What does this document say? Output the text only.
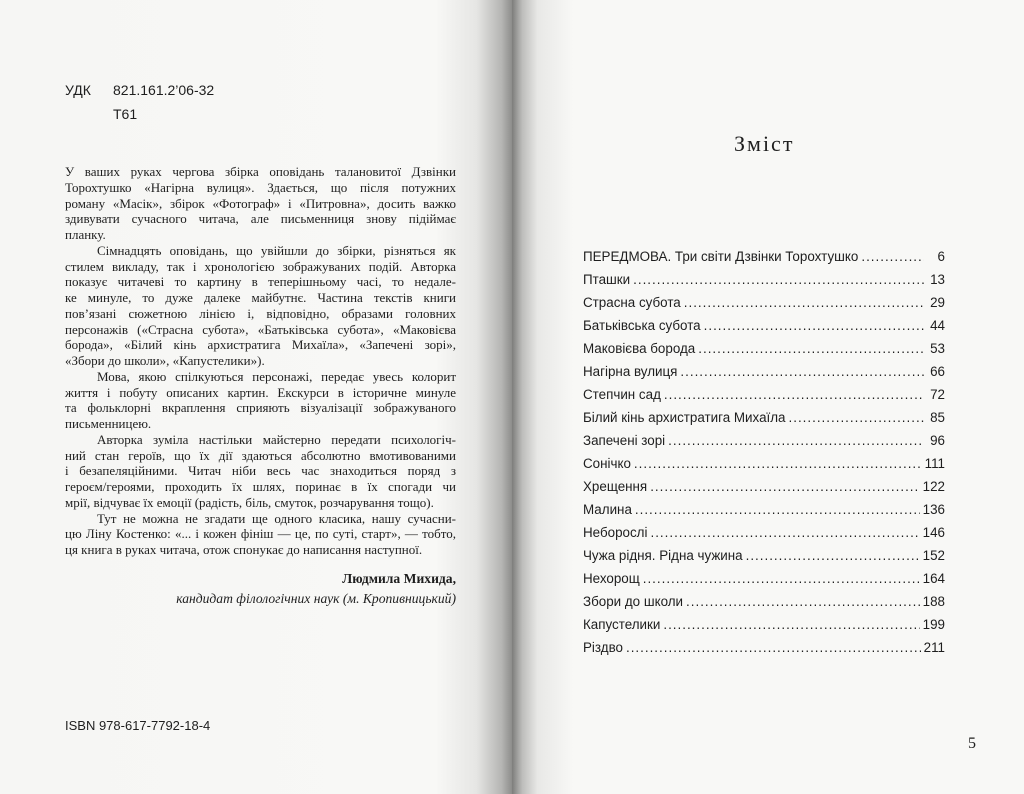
УДК 821.161.2’06-32
Т61
У ваших руках чергова збірка оповідань талановитої Дзвінки
Торохтушко «Нагірна вулиця». Здається, що після потужних
роману «Масік», збірок «Фотограф» і «Питровна», досить важко
здивувати сучасного читача, але письменниця знову підіймає
планку.
Сімнадцять оповідань, що увійшли до збірки, різняться як
стилем викладу, так і хронологією зображуваних подій. Авторка
показує читачеві то картину в теперішньому часі, то недале-
ке минуле, то дуже далеке майбутнє. Частина текстів книги
пов’язані сюжетною лінією і, відповідно, образами головних
персонажів («Страсна субота», «Батьківська субота», «Маковієва
борода», «Білий кінь архистратига Михаїла», «Запечені зорі»,
«Збори до школи», «Капустелики»).
Мова, якою спілкуються персонажі, передає увесь колорит
життя і побуту описаних картин. Екскурси в історичне минуле
та фольклорні вкраплення сприяють візуалізації зображуваного
письменницею.
Авторка зуміла настільки майстерно передати психологіч-
ний стан героїв, що їх дії здаються абсолютно вмотивованими
і безапеляційними. Читач ніби весь час знаходиться поряд з
героєм/героями, проходить їх шлях, поринає в їх спогади чи
мрії, відчуває їх емоції (радість, біль, смуток, розчарування тощо).
Тут не можна не згадати ще одного класика, нашу сучасни-
цю Ліну Костенко: «... і кожен фініш — це, по суті, старт», — тобто,
ця книга в руках читача, отож спонукає до написання наступної.
Людмила Михида,
кандидат філологічних наук (м. Кропивницький)
ISBN 978-617-7792-18-4
Зміст
ПЕРЕДМОВА. Три світи Дзвінки Торохтушко .....	6
Пташки .....	13
Страсна субота .....	29
Батьківська субота .....	44
Маковієва борода .....	53
Нагірна вулиця .....	66
Степчин сад .....	72
Білий кінь архистратига Михаїла .....	85
Запечені зорі .....	96
Сонічко .....	111
Хрещення .....	122
Малина .....	136
Неборослі .....	146
Чужа рідня. Рідна чужина .....	152
Нехорощ .....	164
Збори до школи .....	188
Капустелики .....	199
Різдво .....	211
5
